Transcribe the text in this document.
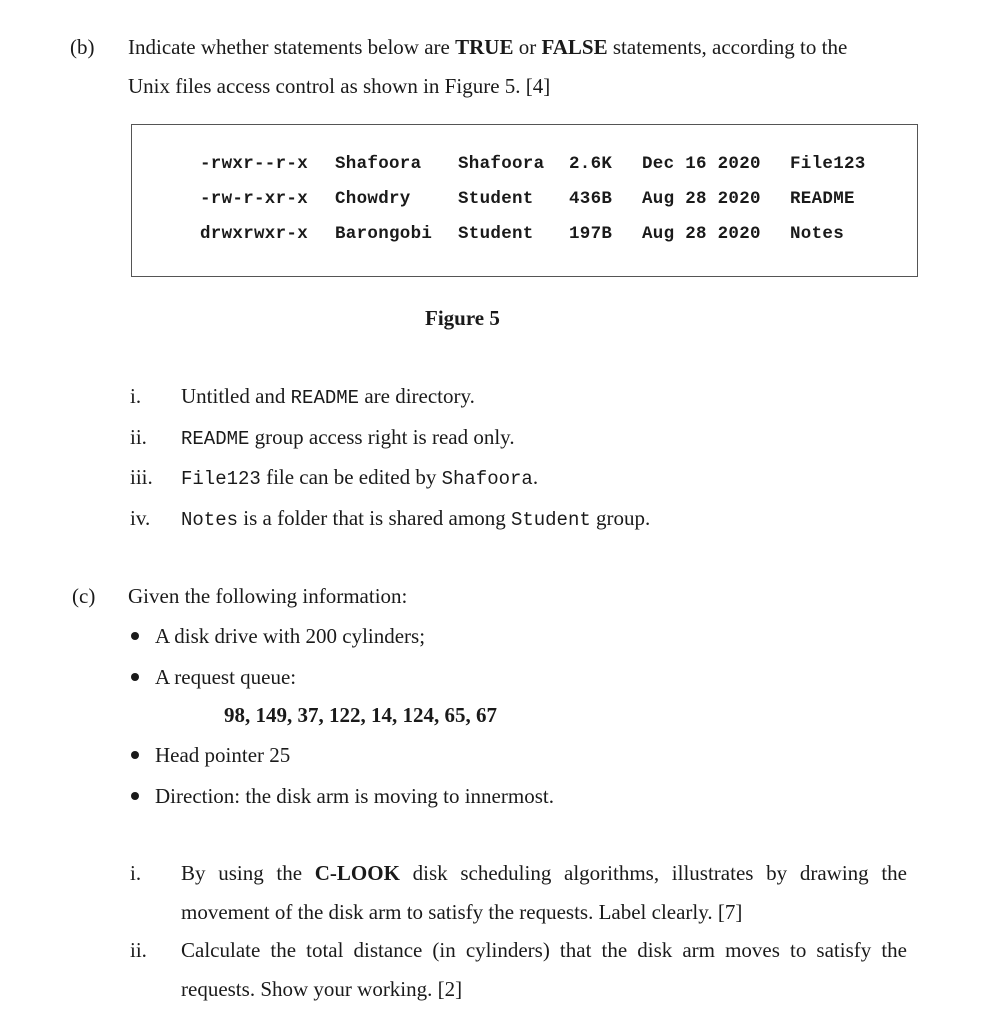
(b) Indicate whether statements below are TRUE or FALSE statements, according to the
Unix files access control as shown in Figure 5. [4]
-rwxr--r-x Shafoora Shafoora 2.6K Dec 16 2020 File123
-rw-r-xr-x Chowdry	Student 436B Aug 28 2020 README
drwxrwxr-x Barongobi Student 197B Aug 28 2020 Notes
Figure 5
i. Untitled and README are directory.
ii. README group access right is read only.
iii. File123 file can be edited by Shafoora.
iv. Notes is a folder that is shared among Student group.
(c) Given the following information:
A disk drive with 200 cylinders;
A request queue:
98, 149, 37, 122, 14, 124, 65, 67
Head pointer 25
Direction: the disk arm is moving to innermost.
i. By using the C-LOOK disk scheduling algorithms, illustrates by drawing the
movement of the disk arm to satisfy the requests. Label clearly. [7]
ii. Calculate the total distance (in cylinders) that the disk arm moves to satisfy the
requests. Show your working. [2]
